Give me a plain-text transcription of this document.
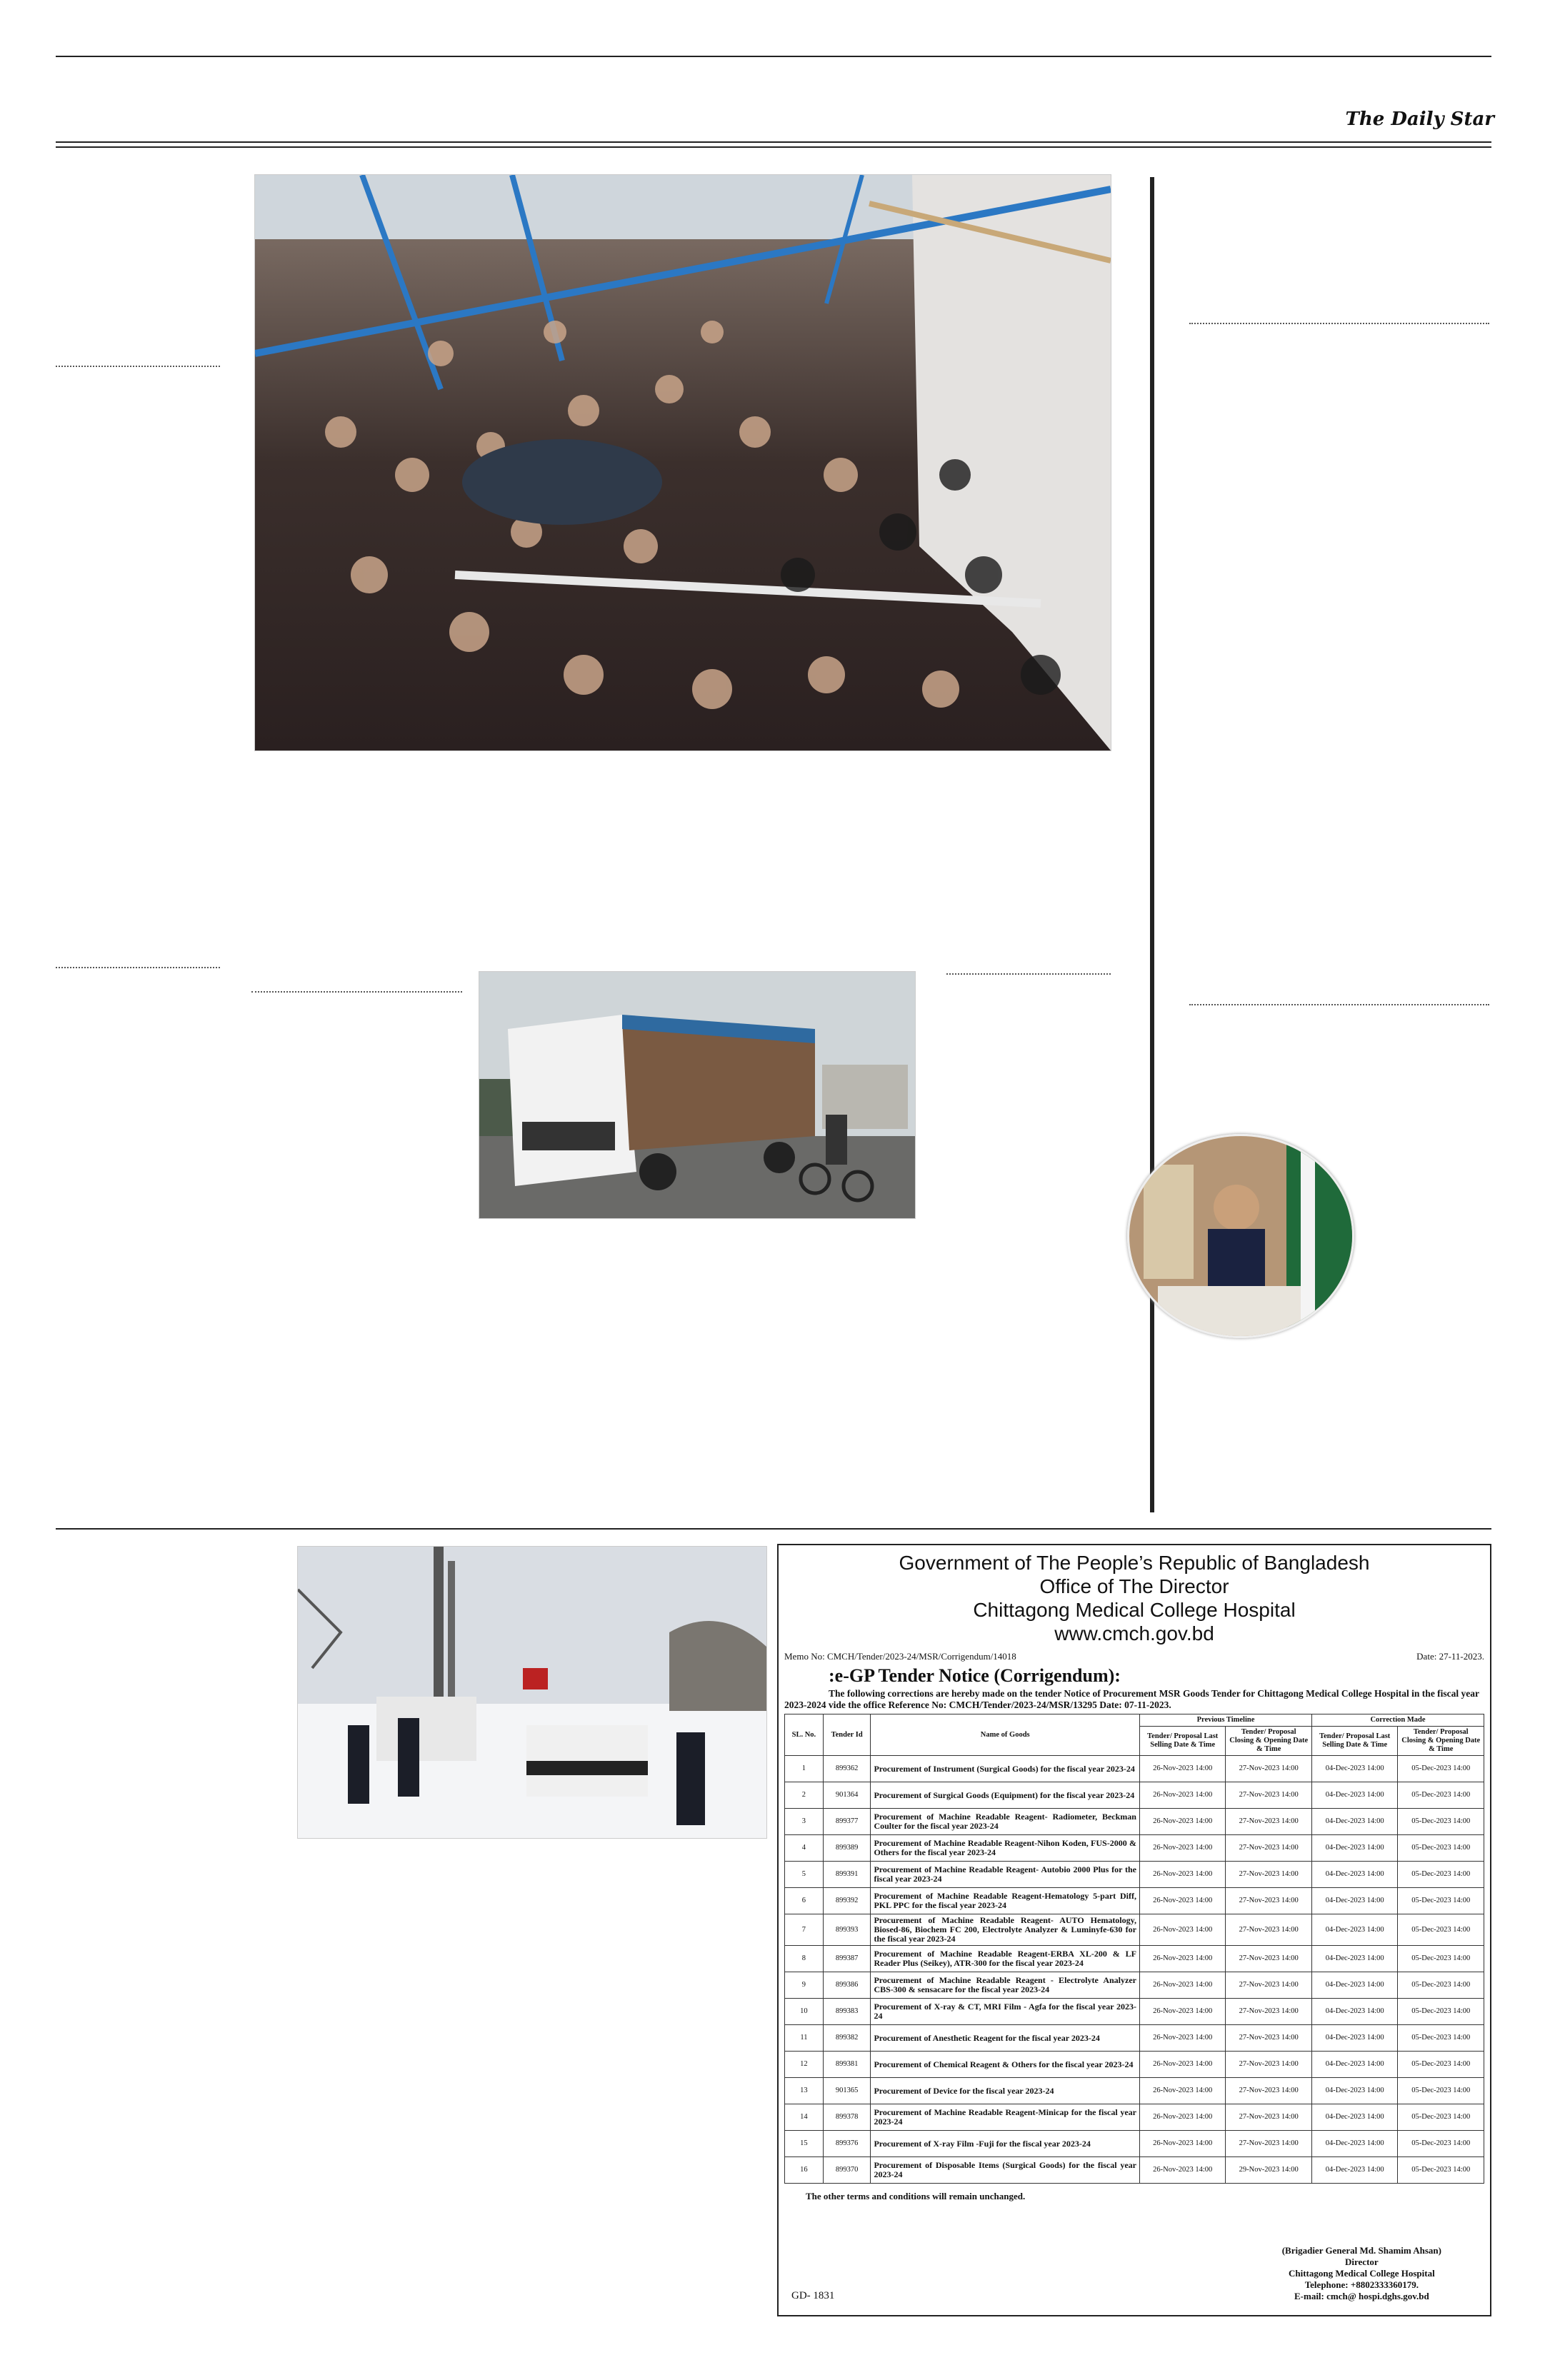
The Daily Star
Government of The People’s Republic of Bangladesh
Office of The Director
Chittagong Medical College Hospital
www.cmch.gov.bd
Memo No: CMCH/Tender/2023-24/MSR/Corrigendum/14018	Date: 27-11-2023.
:e-GP Tender Notice (Corrigendum):
The following corrections are hereby made on the tender Notice of Procurement MSR Goods Tender for Chittagong Medical College Hospital in the fiscal year 2023-2024 vide the office Reference No: CMCH/Tender/2023-24/MSR/13295 Date: 07-11-2023.
SL. No.	Tender Id	Name of Goods	Previous Timeline		Correction Made	
			Tender/ Proposal Last Selling Date & Time	Tender/ Proposal Closing & Opening Date & Time	Tender/ Proposal Last Selling Date & Time	Tender/ Proposal Closing & Opening Date & Time
1	899362	Procurement of Instrument (Surgical Goods) for the fiscal year 2023-24	26-Nov-2023 14:00	27-Nov-2023 14:00	04-Dec-2023 14:00	05-Dec-2023 14:00
2	901364	Procurement of Surgical Goods (Equipment) for the fiscal year 2023-24	26-Nov-2023 14:00	27-Nov-2023 14:00	04-Dec-2023 14:00	05-Dec-2023 14:00
3	899377	Procurement of Machine Readable Reagent- Radiometer, Beckman Coulter for the fiscal year 2023-24	26-Nov-2023 14:00	27-Nov-2023 14:00	04-Dec-2023 14:00	05-Dec-2023 14:00
4	899389	Procurement of Machine Readable Reagent-Nihon Koden, FUS-2000 & Others for the fiscal year 2023-24	26-Nov-2023 14:00	27-Nov-2023 14:00	04-Dec-2023 14:00	05-Dec-2023 14:00
5	899391	Procurement of Machine Readable Reagent- Autobio 2000 Plus for the fiscal year 2023-24	26-Nov-2023 14:00	27-Nov-2023 14:00	04-Dec-2023 14:00	05-Dec-2023 14:00
6	899392	Procurement of Machine Readable Reagent-Hematology 5-part Diff, PKL PPC for the fiscal year 2023-24	26-Nov-2023 14:00	27-Nov-2023 14:00	04-Dec-2023 14:00	05-Dec-2023 14:00
7	899393	Procurement of Machine Readable Reagent- AUTO Hematology, Biosed-86, Biochem FC 200, Electrolyte Analyzer & Luminyfe-630 for the fiscal year 2023-24	26-Nov-2023 14:00	27-Nov-2023 14:00	04-Dec-2023 14:00	05-Dec-2023 14:00
8	899387	Procurement of Machine Readable Reagent-ERBA XL-200 & LF Reader Plus (Seikey), ATR-300 for the fiscal year 2023-24	26-Nov-2023 14:00	27-Nov-2023 14:00	04-Dec-2023 14:00	05-Dec-2023 14:00
9	899386	Procurement of Machine Readable Reagent - Electrolyte Analyzer CBS-300 & sensacare for the fiscal year 2023-24	26-Nov-2023 14:00	27-Nov-2023 14:00	04-Dec-2023 14:00	05-Dec-2023 14:00
10	899383	Procurement of X-ray & CT, MRI Film - Agfa for the fiscal year 2023-24	26-Nov-2023 14:00	27-Nov-2023 14:00	04-Dec-2023 14:00	05-Dec-2023 14:00
11	899382	Procurement of Anesthetic Reagent for the fiscal year 2023-24	26-Nov-2023 14:00	27-Nov-2023 14:00	04-Dec-2023 14:00	05-Dec-2023 14:00
12	899381	Procurement of Chemical Reagent & Others for the fiscal year 2023-24	26-Nov-2023 14:00	27-Nov-2023 14:00	04-Dec-2023 14:00	05-Dec-2023 14:00
13	901365	Procurement of Device for the fiscal year 2023-24	26-Nov-2023 14:00	27-Nov-2023 14:00	04-Dec-2023 14:00	05-Dec-2023 14:00
14	899378	Procurement of Machine Readable Reagent-Minicap for the fiscal year 2023-24	26-Nov-2023 14:00	27-Nov-2023 14:00	04-Dec-2023 14:00	05-Dec-2023 14:00
15	899376	Procurement of X-ray Film -Fuji for the fiscal year 2023-24	26-Nov-2023 14:00	27-Nov-2023 14:00	04-Dec-2023 14:00	05-Dec-2023 14:00
16	899370	Procurement of Disposable Items (Surgical Goods) for the fiscal year 2023-24	26-Nov-2023 14:00	29-Nov-2023 14:00	04-Dec-2023 14:00	05-Dec-2023 14:00
The other terms and conditions will remain unchanged.
(Brigadier General Md. Shamim Ahsan)
Director
Chittagong Medical College Hospital
Telephone: +8802333360179.
E-mail: cmch@ hospi.dghs.gov.bd
GD- 1831
